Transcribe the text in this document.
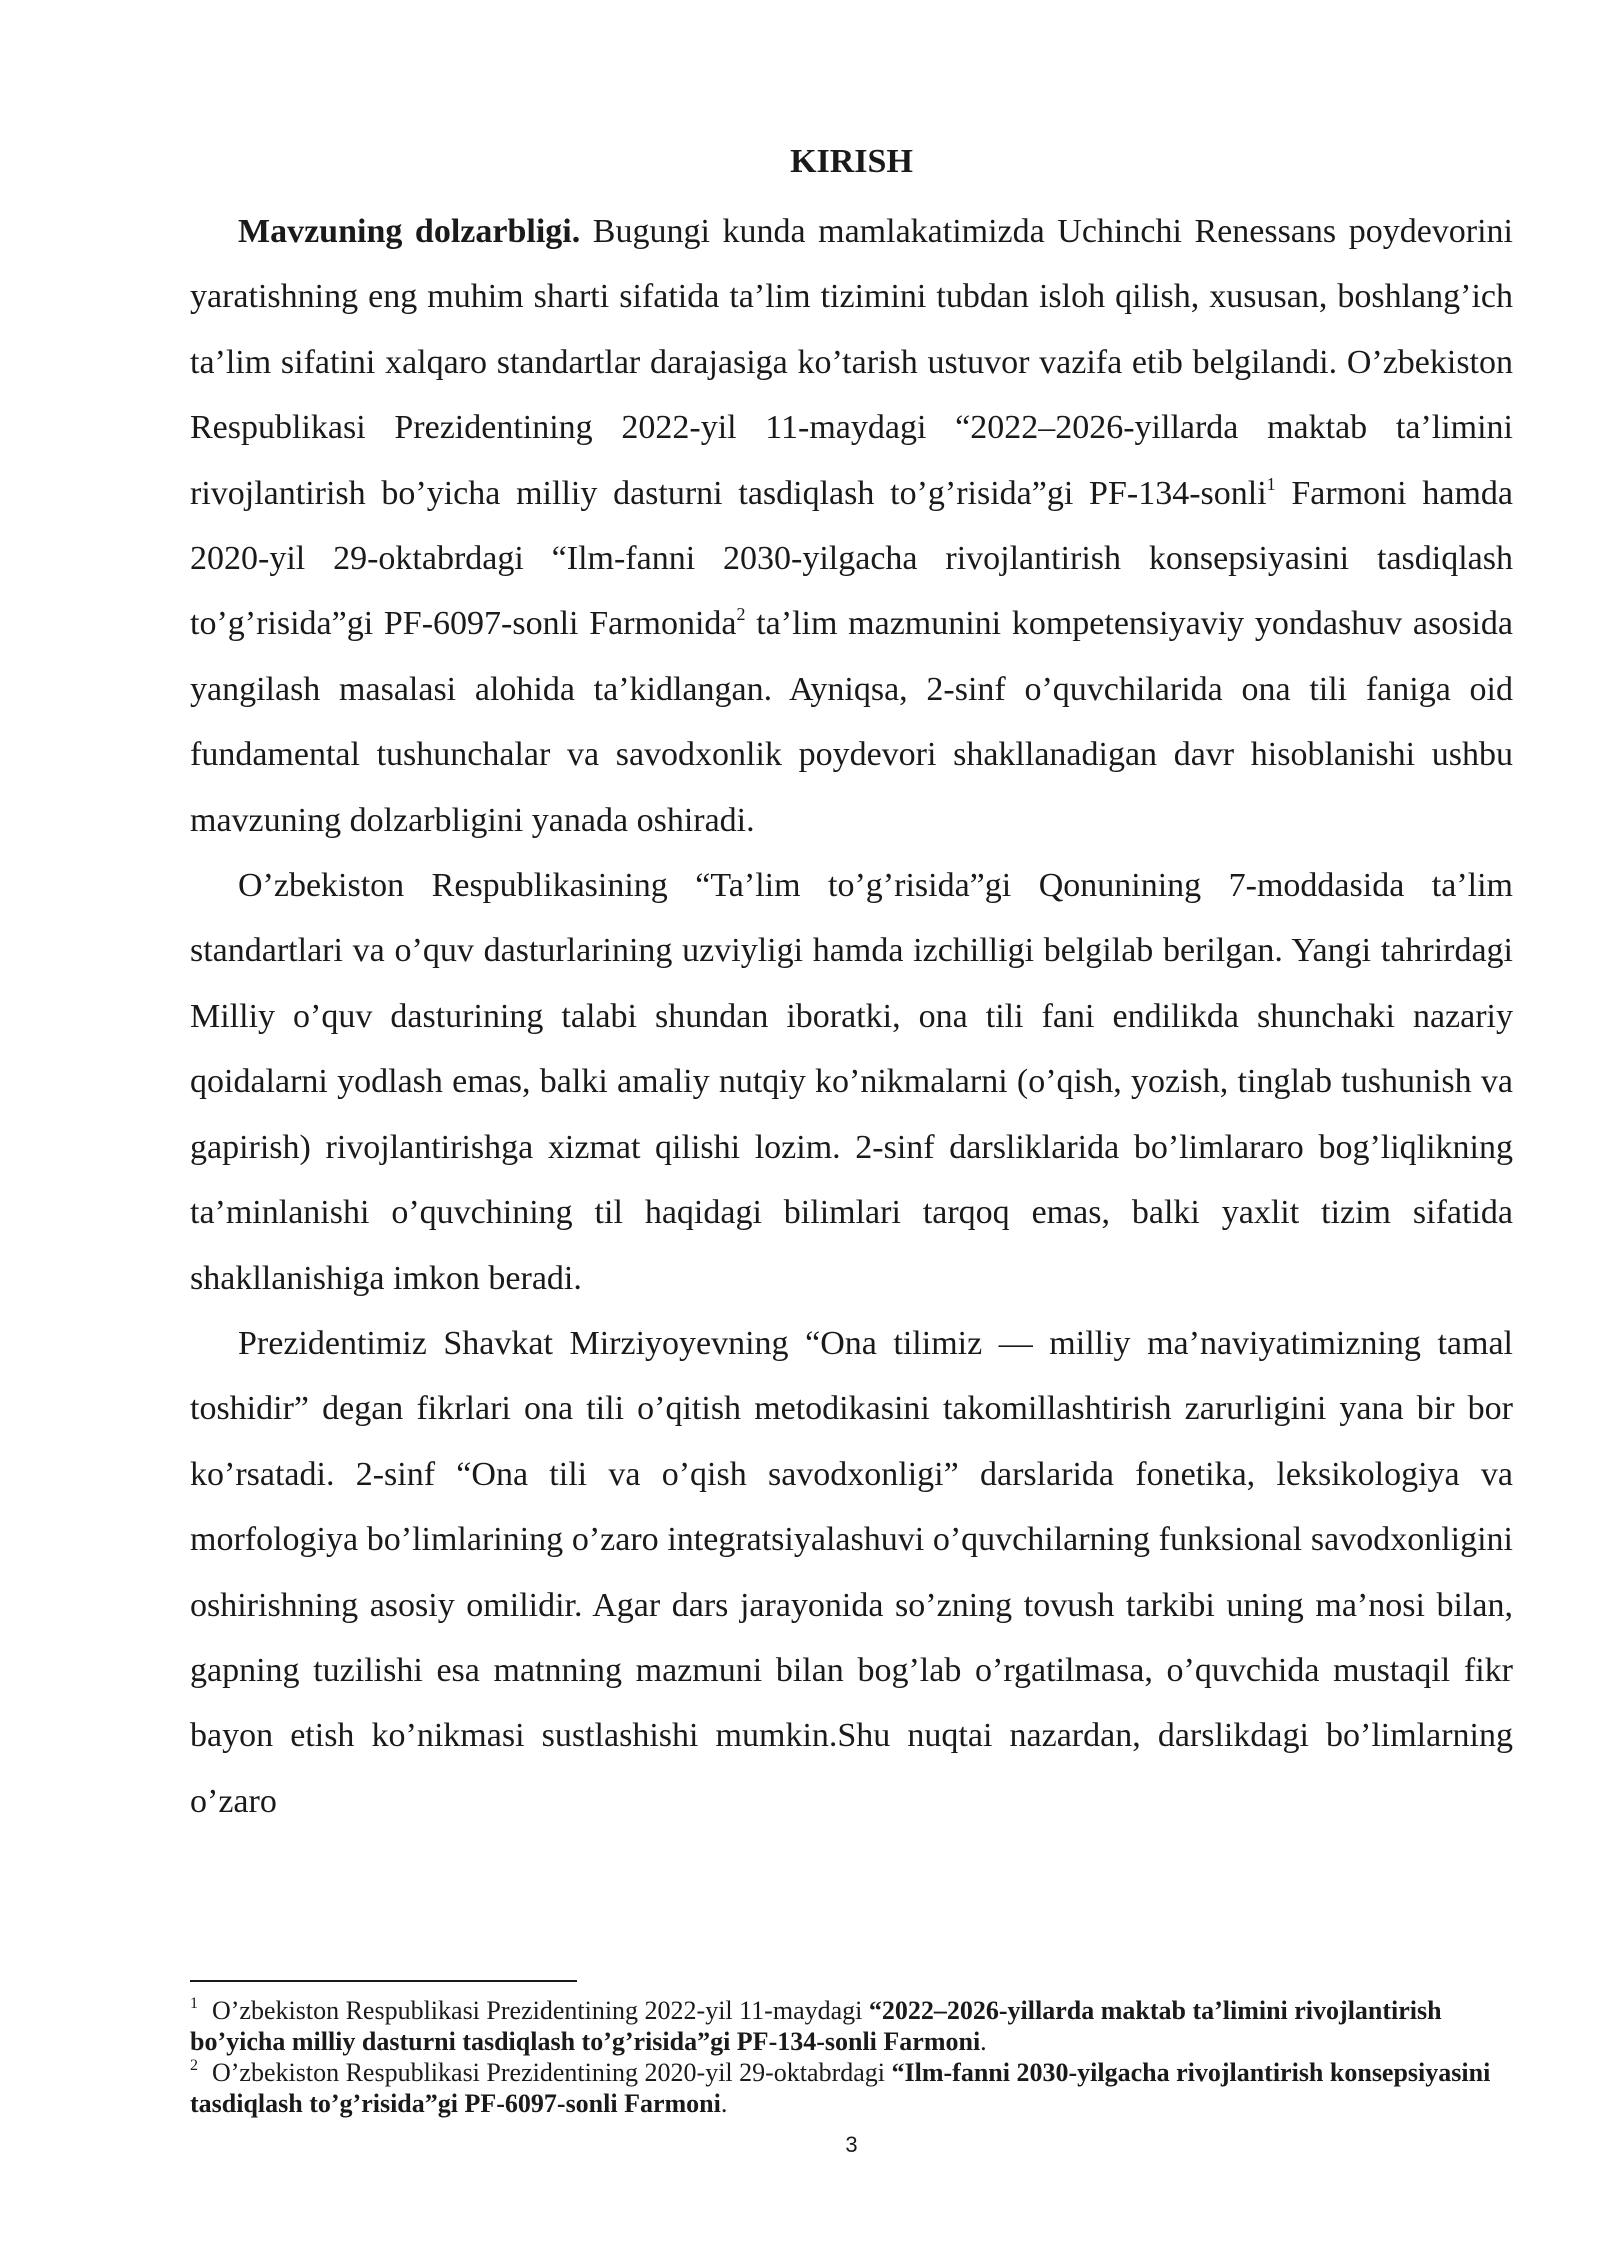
KIRISH

Mavzuning dolzarbligi. Bugungi kunda mamlakatimizda Uchinchi Renessans poydevorini yaratishning eng muhim sharti sifatida ta’lim tizimini tubdan isloh qilish, xususan, boshlang’ich ta’lim sifatini xalqaro standartlar darajasiga ko’tarish ustuvor vazifa etib belgilandi. O’zbekiston Respublikasi Prezidentining 2022-yil 11-maydagi “2022–2026-yillarda maktab ta’limini rivojlantirish bo’yicha milliy dasturni tasdiqlash to’g’risida”gi PF-134-sonli$^1$ Farmoni hamda 2020-yil 29-oktabrdagi “Ilm-fanni 2030-yilgacha rivojlantirish konsepsiyasini tasdiqlash to’g’risida”gi PF-6097-sonli Farmonida$^2$ ta’lim mazmunini kompetensiyaviy yondashuv asosida yangilash masalasi alohida ta’kidlangan. Ayniqsa, 2-sinf o’quvchilarida ona tili faniga oid fundamental tushunchalar va savodxonlik poydevori shakllanadigan davr hisoblanishi ushbu mavzuning dolzarbligini yanada oshiradi.

O’zbekiston Respublikasining “Ta’lim to’g’risida”gi Qonunining 7-moddasida ta’lim standartlari va o’quv dasturlarining uzviyligi hamda izchilligi belgilab berilgan. Yangi tahrirdagi Milliy o’quv dasturining talabi shundan iboratki, ona tili fani endilikda shunchaki nazariy qoidalarni yodlash emas, balki amaliy nutqiy ko’nikmalarni (o’qish, yozish, tinglab tushunish va gapirish) rivojlantirishga xizmat qilishi lozim. 2-sinf darsliklarida bo’limlararo bog’liqlikning ta’minlanishi o’quvchining til haqidagi bilimlari tarqoq emas, balki yaxlit tizim sifatida shakllanishiga imkon beradi.

Prezidentimiz Shavkat Mirziyoyevning “Ona tilimiz — milliy ma’naviyatimizning tamal toshidir” degan fikrlari ona tili o’qitish metodikasini takomillashtirish zarurligini yana bir bor ko’rsatadi. 2-sinf “Ona tili va o’qish savodxonligi” darslarida fonetika, leksikologiya va morfologiya bo’limlarining o’zaro integratsiyalashuvi o’quvchilarning funksional savodxonligini oshirishning asosiy omilidir. Agar dars jarayonida so’zning tovush tarkibi uning ma’nosi bilan, gapning tuzilishi esa matnning mazmuni bilan bog’lab o’rgatilmasa, o’quvchida mustaqil fikr bayon etish ko’nikmasi sustlashishi mumkin.Shu nuqtai nazardan, darslikdagi bo’limlarning o’zaro

$^1$ O’zbekiston Respublikasi Prezidentining 2022-yil 11-maydagi “2022–2026-yillarda maktab ta’limini rivojlantirish bo’yicha milliy dasturni tasdiqlash to’g’risida”gi PF-134-sonli Farmoni.

$^2$ O’zbekiston Respublikasi Prezidentining 2020-yil 29-oktabrdagi “Ilm-fanni 2030-yilgacha rivojlantirish konsepsiyasini tasdiqlash to’g’risida”gi PF-6097-sonli Farmoni.

3
